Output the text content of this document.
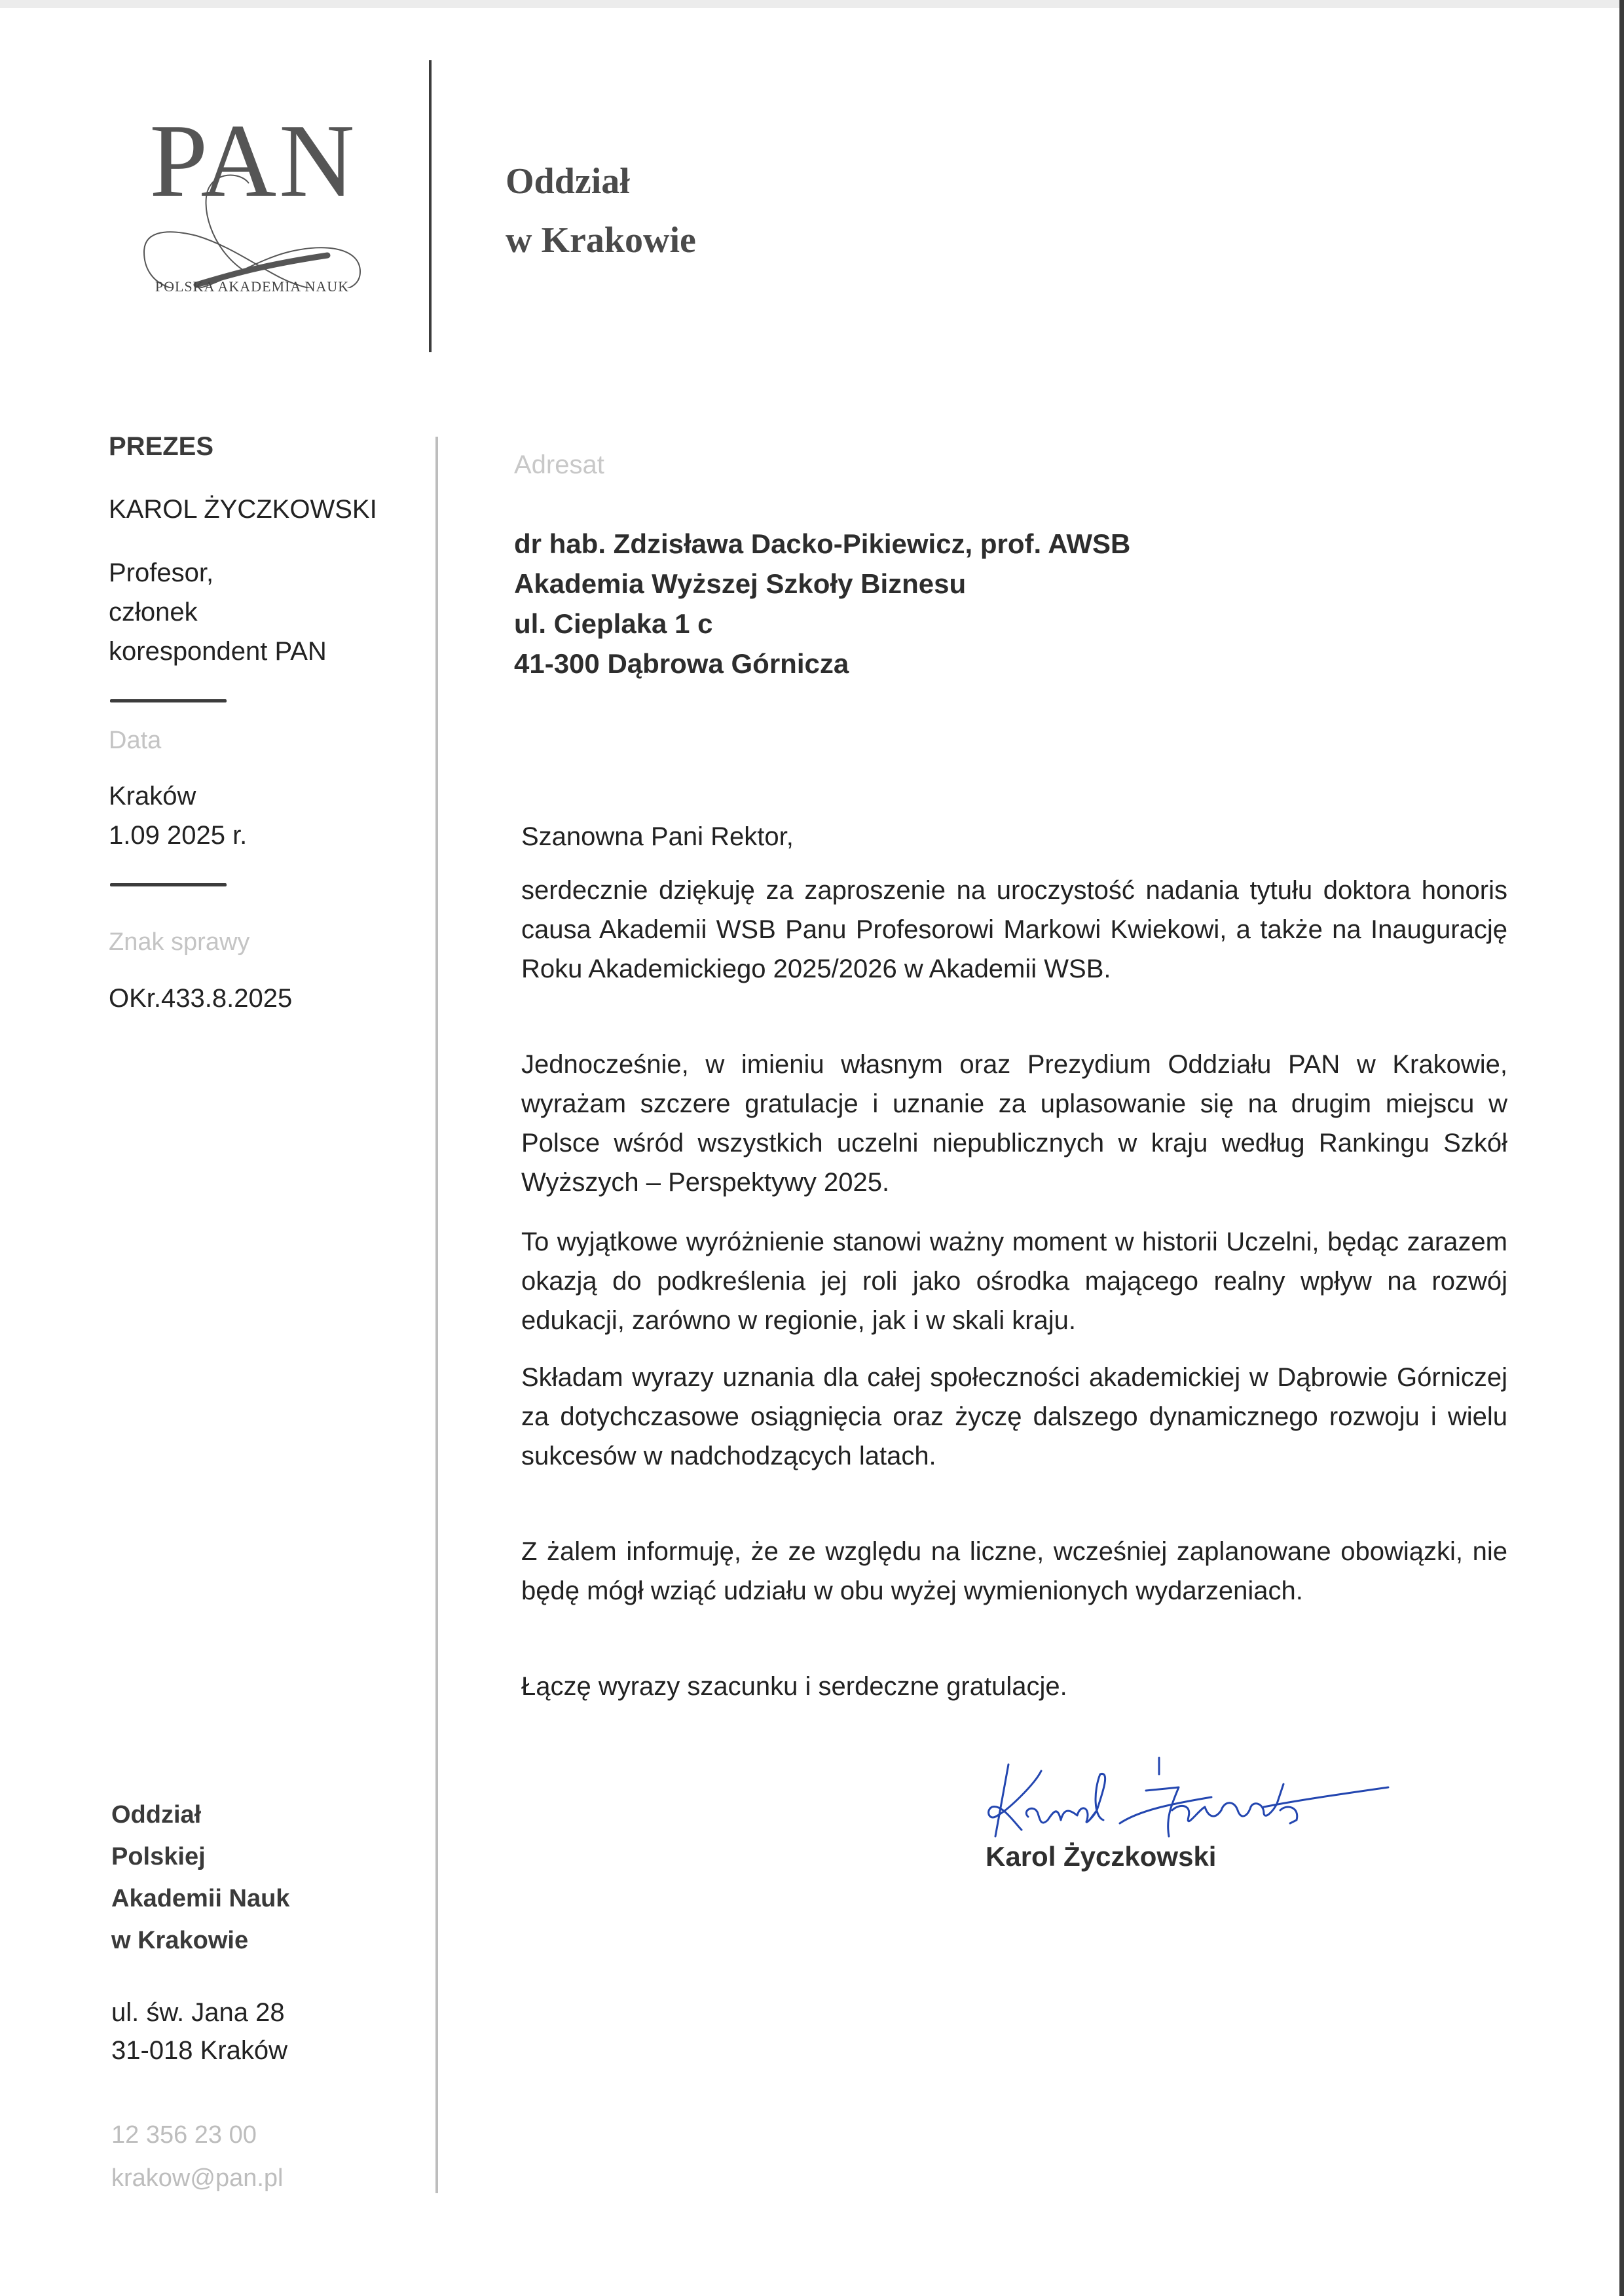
PAN
POLSKA AKADEMIA NAUK
Oddział
w Krakowie
PREZES
KAROL ŻYCZKOWSKI
Profesor,
członek
korespondent PAN
Data
Kraków
1.09 2025 r.
Znak sprawy
OKr.433.8.2025
Adresat
dr hab. Zdzisława Dacko-Pikiewicz, prof. AWSB
Akademia Wyższej Szkoły Biznesu
ul. Cieplaka 1 c
41-300 Dąbrowa Górnicza

Szanowna Pani Rektor,

serdecznie dziękuję za zaproszenie na uroczystość nadania tytułu doktora honoris causa Akademii WSB Panu Profesorowi Markowi Kwiekowi, a także na Inaugurację Roku Akademickiego 2025/2026 w Akademii WSB.

Jednocześnie, w imieniu własnym oraz Prezydium Oddziału PAN w Krakowie, wyrażam szczere gratulacje i uznanie za uplasowanie się na drugim miejscu w Polsce wśród wszystkich uczelni niepublicznych w kraju według Rankingu Szkół Wyższych – Perspektywy 2025.

To wyjątkowe wyróżnienie stanowi ważny moment w historii Uczelni, będąc zarazem okazją do podkreślenia jej roli jako ośrodka mającego realny wpływ na rozwój edukacji, zarówno w regionie, jak i w skali kraju.

Składam wyrazy uznania dla całej społeczności akademickiej w Dąbrowie Górniczej za dotychczasowe osiągnięcia oraz życzę dalszego dynamicznego rozwoju i wielu sukcesów w nadchodzących latach.

Z żalem informuję, że ze względu na liczne, wcześniej zaplanowane obowiązki, nie będę mógł wziąć udziału w obu wyżej wymienionych wydarzeniach.

Łączę wyrazy szacunku i serdeczne gratulacje.

Karol Życzkowski
Oddział
Polskiej
Akademii Nauk
w Krakowie
ul. św. Jana 28
31-018 Kraków
12 356 23 00
krakow@pan.pl
